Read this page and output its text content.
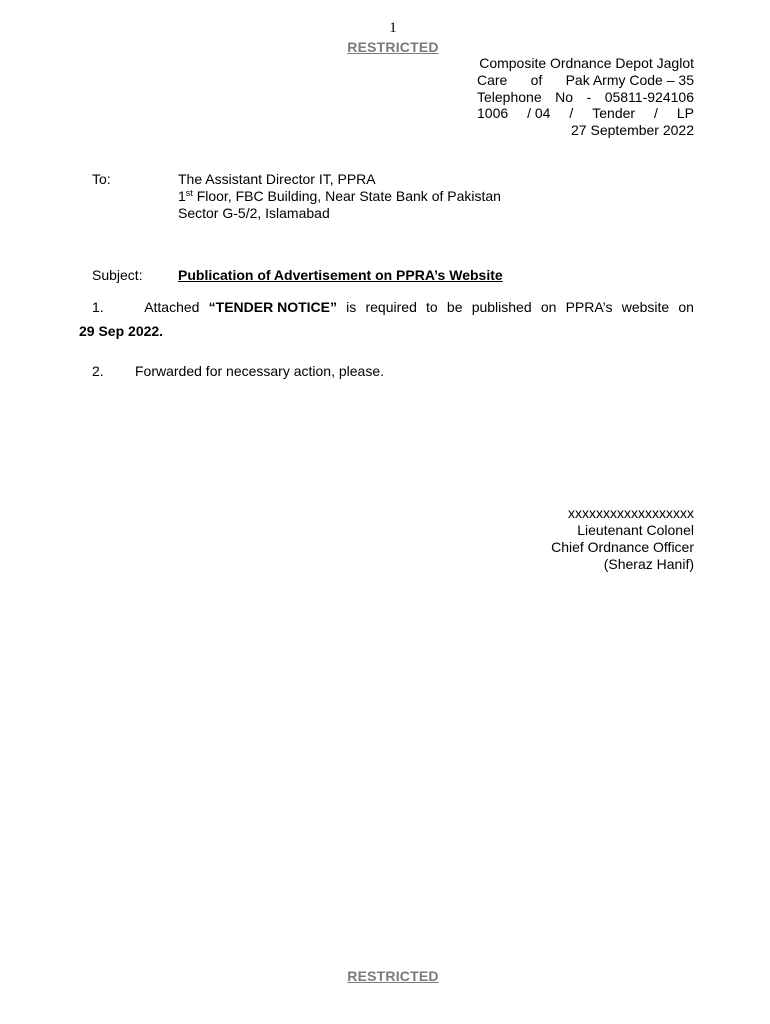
1
RESTRICTED
Composite Ordnance Depot Jaglot
Care of Pak Army Code – 35
Telephone No - 05811-924106
1006 / 04 / Tender / LP
27 September 2022
To:	The Assistant Director IT, PPRA
1st Floor, FBC Building, Near State Bank of Pakistan
Sector G-5/2, Islamabad
Subject:	Publication of Advertisement on PPRA’s Website
1.	Attached “TENDER NOTICE” is required to be published on PPRA’s website on
29 Sep 2022.
2. Forwarded for necessary action, please.
xxxxxxxxxxxxxxxxxx
Lieutenant Colonel
Chief Ordnance Officer
(Sheraz Hanif)
RESTRICTED
